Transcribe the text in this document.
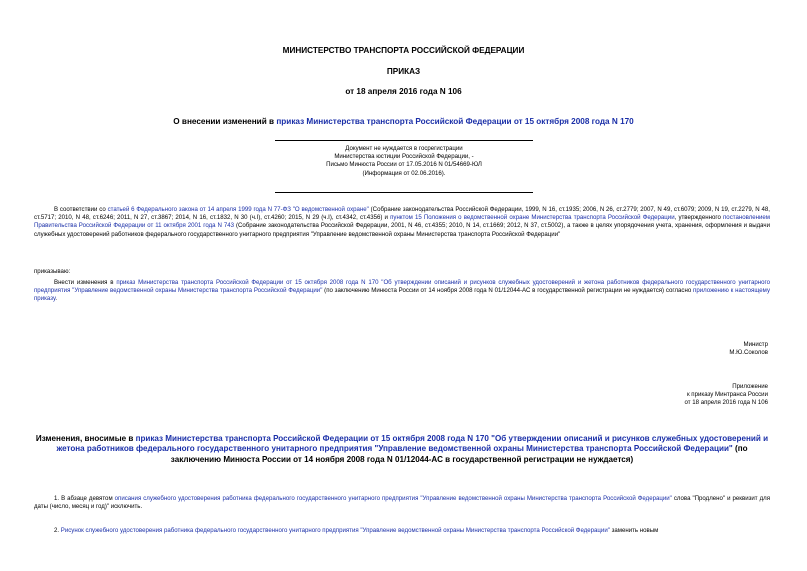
МИНИСТЕРСТВО ТРАНСПОРТА РОССИЙСКОЙ ФЕДЕРАЦИИ
ПРИКАЗ
от 18 апреля 2016 года N 106
О внесении изменений в приказ Министерства транспорта Российской Федерации от 15 октября 2008 года N 170
Документ не нуждается в госрегистрации
Министерства юстиции Российской Федерации, -
Письмо Минюста России от 17.05.2016 N 01/54669-ЮЛ
(Информация от 02.06.2016).
В соответствии со статьей 6 Федерального закона от 14 апреля 1999 года N 77-ФЗ "О ведомственной охране" (Собрание законодательства Российской Федерации, 1999, N 16, ст.1935; 2006, N 26, ст.2779; 2007, N 49, ст.6079; 2009, N 19, ст.2279, N 48, ст.5717; 2010, N 48, ст.6246; 2011, N 27, ст.3867; 2014, N 16, ст.1832, N 30 (ч.I), ст.4260; 2015, N 29 (ч.I), ст.4342, ст.4356) и пунктом 15 Положения о ведомственной охране Министерства транспорта Российской Федерации, утвержденного постановлением Правительства Российской Федерации от 11 октября 2001 года N 743 (Собрание законодательства Российской Федерации, 2001, N 46, ст.4355; 2010, N 14, ст.1669; 2012, N 37, ст.5002), а также в целях упорядочения учета, хранения, оформления и выдачи служебных удостоверений работников федерального государственного унитарного предприятия "Управление ведомственной охраны Министерства транспорта Российской Федерации"
приказываю:
Внести изменения в приказ Министерства транспорта Российской Федерации от 15 октября 2008 года N 170 "Об утверждении описаний и рисунков служебных удостоверений и жетона работников федерального государственного унитарного предприятия "Управление ведомственной охраны Министерства транспорта Российской Федерации" (по заключению Минюста России от 14 ноября 2008 года N 01/12044-АС в государственной регистрации не нуждается) согласно приложению к настоящему приказу.
Министр
М.Ю.Соколов
Приложение
к приказу Минтранса России
от 18 апреля 2016 года N 106
Изменения, вносимые в приказ Министерства транспорта Российской Федерации от 15 октября 2008 года N 170 "Об утверждении описаний и рисунков служебных удостоверений и жетона работников федерального государственного унитарного предприятия "Управление ведомственной охраны Министерства транспорта Российской Федерации" (по заключению Минюста России от 14 ноября 2008 года N 01/12044-АС в государственной регистрации не нуждается)
1. В абзаце девятом описания служебного удостоверения работника федерального государственного унитарного предприятия "Управление ведомственной охраны Министерства транспорта Российской Федерации" слова "Продлено" и реквизит для даты (число, месяц и год)" исключить.
2. Рисунок служебного удостоверения работника федерального государственного унитарного предприятия "Управление ведомственной охраны Министерства транспорта Российской Федерации" заменить новым
